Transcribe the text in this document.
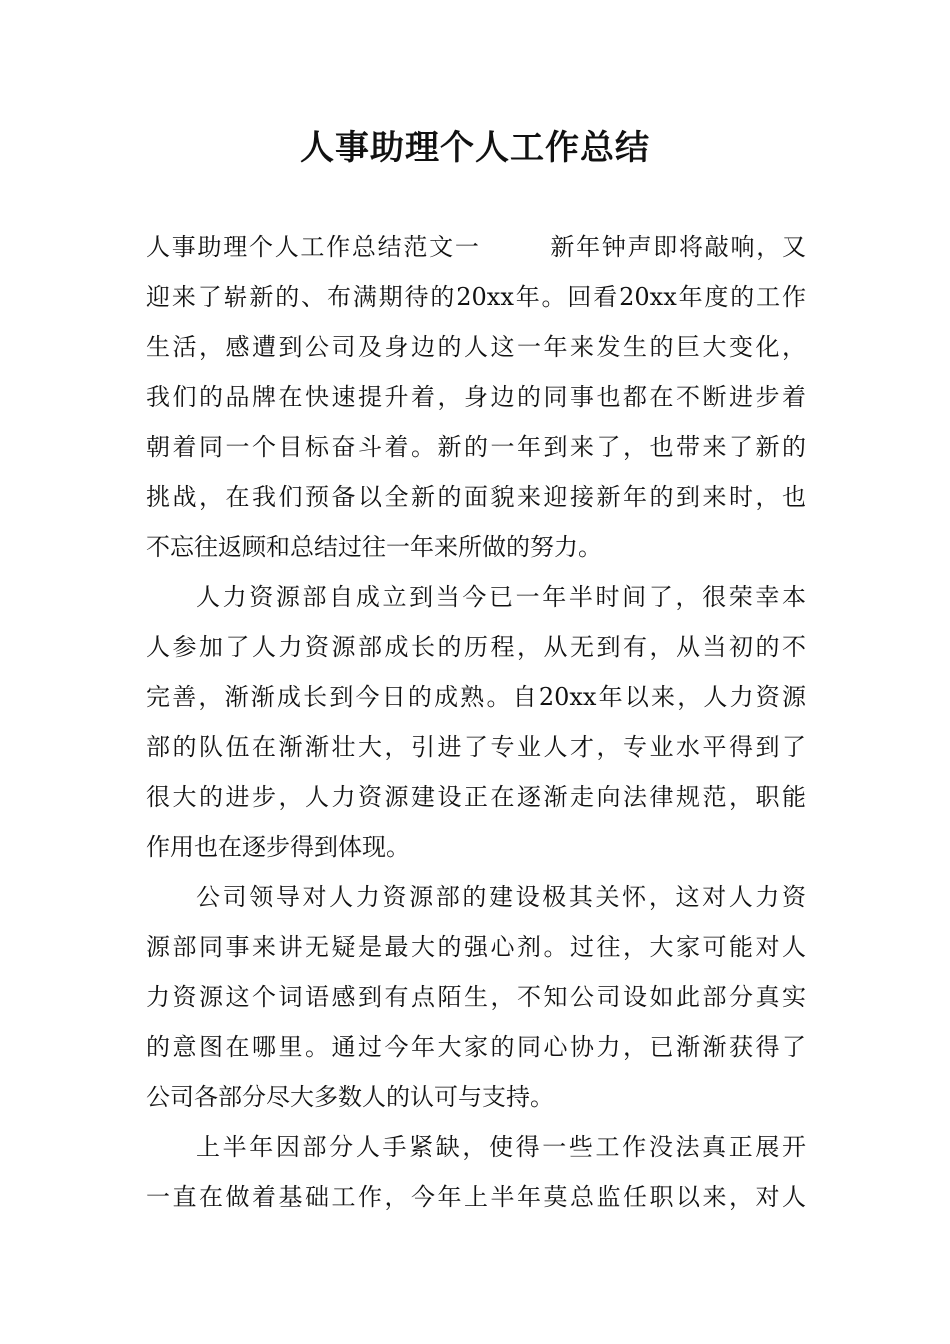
人事助理个人工作总结
人事助理个人工作总结范文一	新年钟声即将敲响，又
迎来了崭新的、布满期待的20xx年。回看20xx年度的工作
生活，感遭到公司及身边的人这一年来发生的巨大变化，
我们的品牌在快速提升着，身边的同事也都在不断进步着
朝着同一个目标奋斗着。新的一年到来了，也带来了新的
挑战，在我们预备以全新的面貌来迎接新年的到来时，也
不忘往返顾和总结过往一年来所做的努力。
人力资源部自成立到当今已一年半时间了，很荣幸本
人参加了人力资源部成长的历程，从无到有，从当初的不
完善，渐渐成长到今日的成熟。自20xx年以来，人力资源
部的队伍在渐渐壮大，引进了专业人才，专业水平得到了
很大的进步，人力资源建设正在逐渐走向法律规范，职能
作用也在逐步得到体现。
公司领导对人力资源部的建设极其关怀，这对人力资
源部同事来讲无疑是最大的强心剂。过往，大家可能对人
力资源这个词语感到有点陌生，不知公司设如此部分真实
的意图在哪里。通过今年大家的同心协力，已渐渐获得了
公司各部分尽大多数人的认可与支持。
上半年因部分人手紧缺，使得一些工作没法真正展开
一直在做着基础工作，今年上半年莫总监任职以来，对人
